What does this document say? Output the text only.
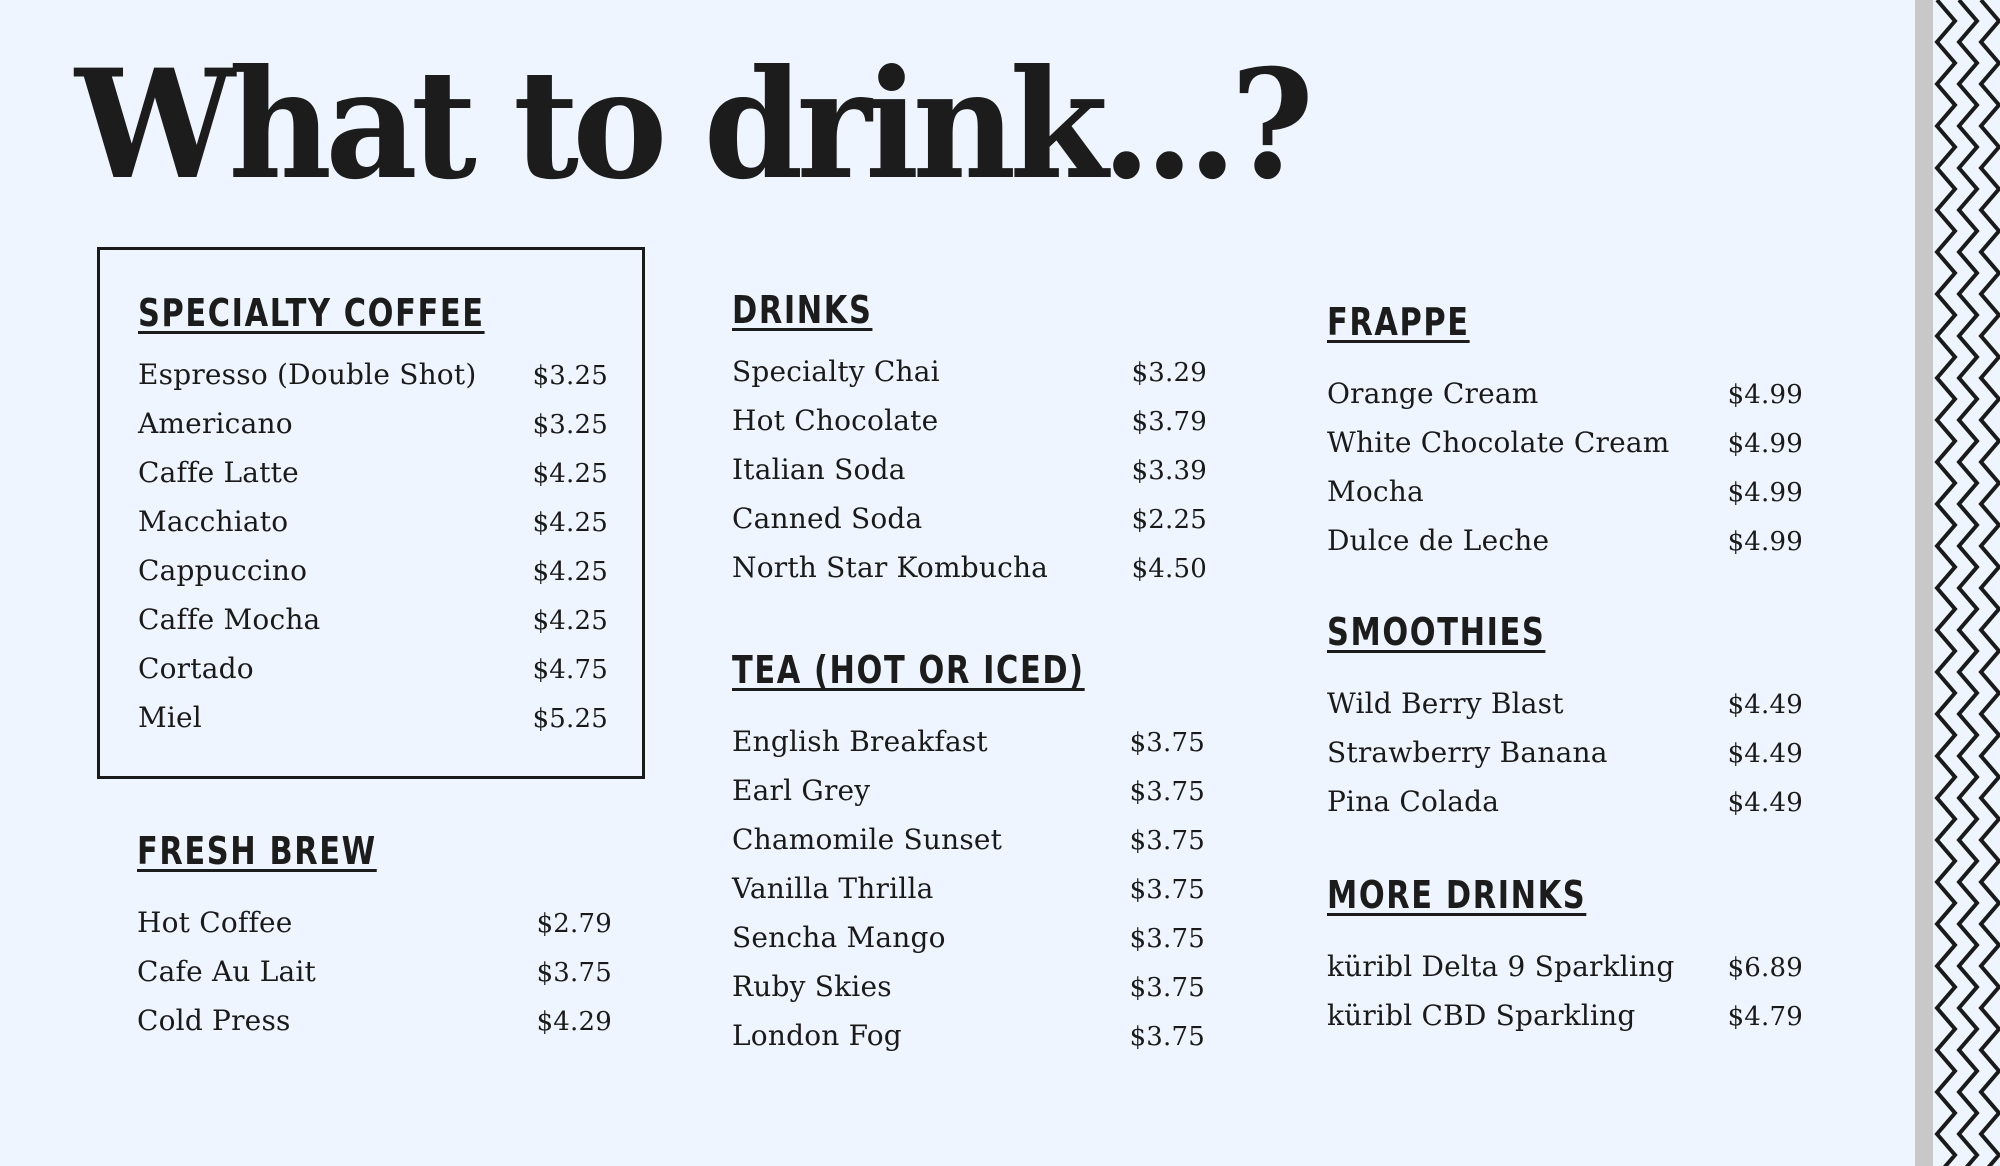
What to drink...?
SPECIALTY COFFEE
Espresso (Double Shot) $3.25
Americano	$3.25
Caffe Latte	$4.25
Macchiato	$4.25
Cappuccino	$4.25
Caffe Mocha	$4.25
Cortado	$4.75
Miel	$5.25
FRESH BREW
Hot Coffee	$2.79
Cafe Au Lait	$3.75
Cold Press	$4.29
DRINKS
Specialty Chai	$3.29
Hot Chocolate	$3.79
Italian Soda	$3.39
Canned Soda	$2.25
North Star Kombucha	$4.50
TEA (HOT OR ICED)
English Breakfast	$3.75
Earl Grey	$3.75
Chamomile Sunset	$3.75
Vanilla Thrilla	$3.75
Sencha Mango	$3.75
Ruby Skies	$3.75
London Fog	$3.75
FRAPPE
Orange Cream	$4.99
White Chocolate Cream $4.99
Mocha	$4.99
Dulce de Leche	$4.99
SMOOTHIES
Wild Berry Blast	$4.49
Strawberry Banana	$4.49
Pina Colada	$4.49
MORE DRINKS
küribl Delta 9 Sparkling $6.89
küribl CBD Sparkling	$4.79
